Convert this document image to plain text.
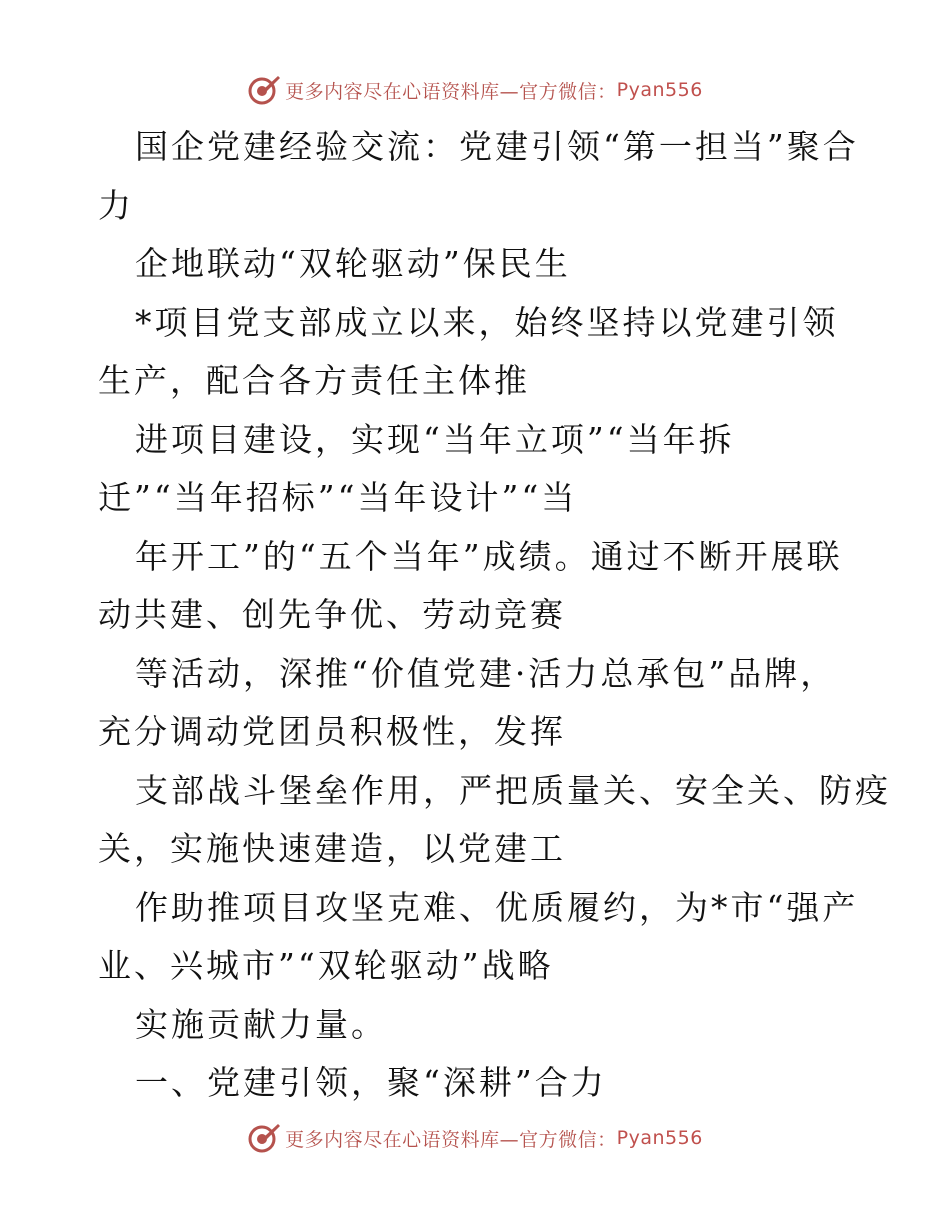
更多内容尽在心语资料库—官方微信： Pyan556

国企党建经验交流：党建引领“第一担当”聚合

力

企地联动“双轮驱动”保民生

*项目党支部成立以来，始终坚持以党建引领

生产，配合各方责任主体推

进项目建设，实现“当年立项”“当年拆

迁”“当年招标”“当年设计”“当

年开工”的“五个当年”成绩。通过不断开展联

动共建、创先争优、劳动竞赛

等活动，深推“价值党建·活力总承包”品牌，

充分调动党团员积极性，发挥

支部战斗堡垒作用，严把质量关、安全关、防疫

关，实施快速建造，以党建工

作助推项目攻坚克难、优质履约，为*市“强产

业、兴城市”“双轮驱动”战略

实施贡献力量。

一、党建引领，聚“深耕”合力

更多内容尽在心语资料库—官方微信： Pyan556
